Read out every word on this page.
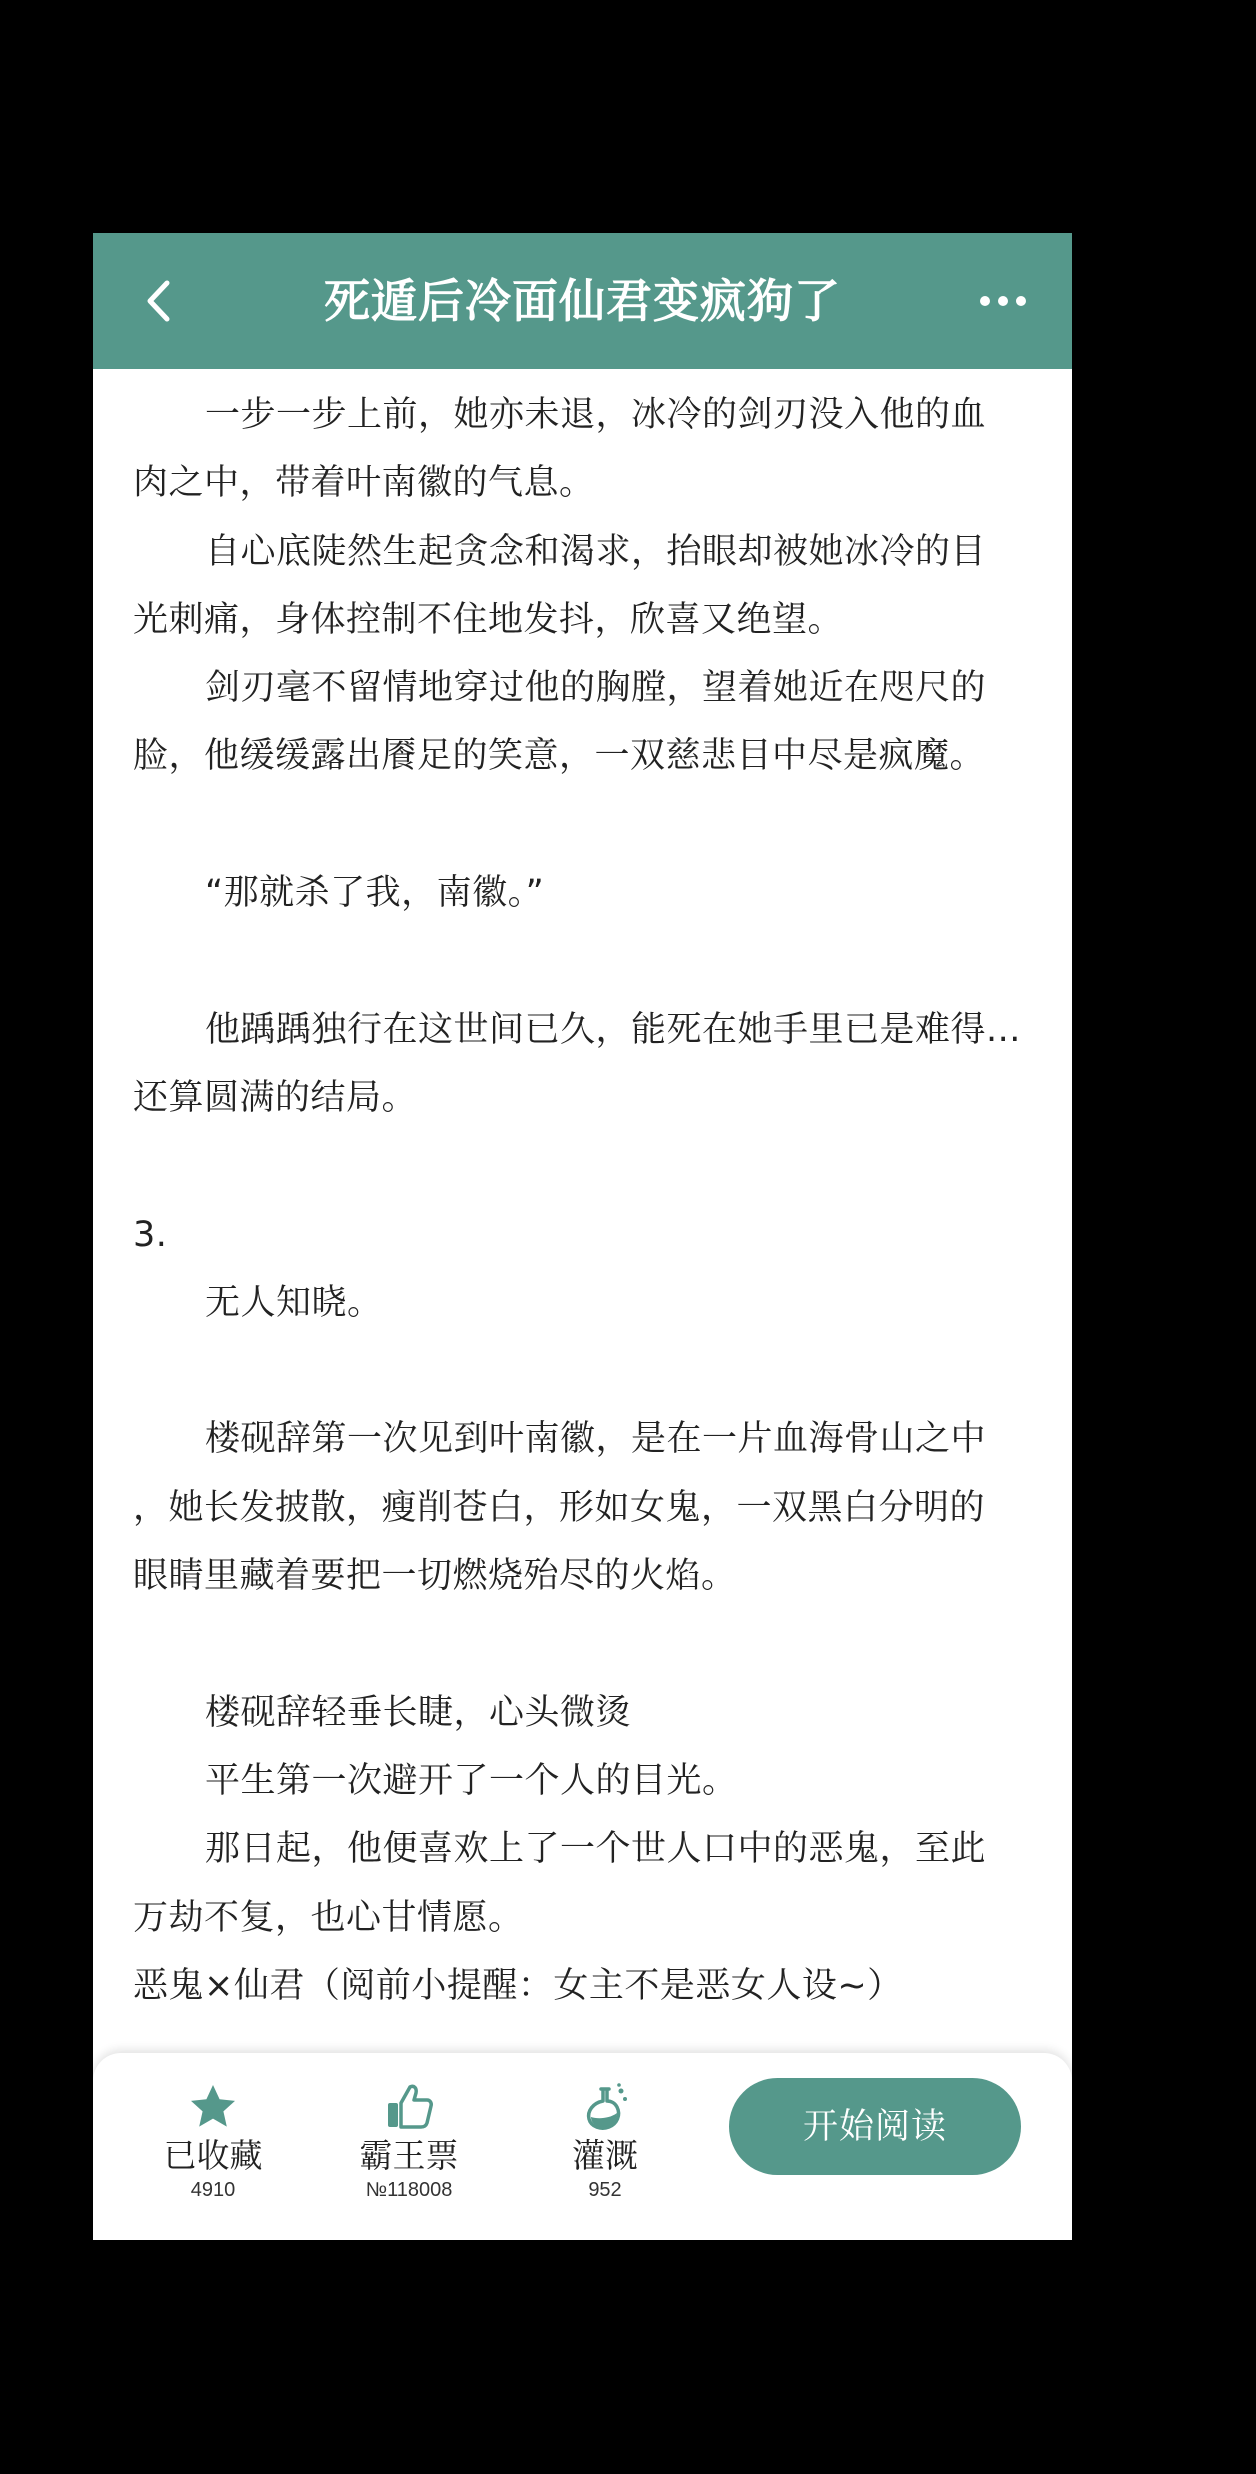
死遁后冷面仙君变疯狗了
一步一步上前，她亦未退，冰冷的剑刃没入他的血
肉之中，带着叶南徽的气息。
自心底陡然生起贪念和渴求，抬眼却被她冰冷的目
光刺痛，身体控制不住地发抖，欣喜又绝望。
剑刃毫不留情地穿过他的胸膛，望着她近在咫尺的
脸，他缓缓露出餍足的笑意，一双慈悲目中尽是疯魔。
“那就杀了我，南徽。”
他踽踽独行在这世间已久，能死在她手里已是难得...
还算圆满的结局。
3.
无人知晓。
楼砚辞第一次见到叶南徽，是在一片血海骨山之中
，她长发披散，瘦削苍白，形如女鬼，一双黑白分明的
眼睛里藏着要把一切燃烧殆尽的火焰。
楼砚辞轻垂长睫，心头微烫
平生第一次避开了一个人的目光。
那日起，他便喜欢上了一个世人口中的恶鬼，至此
万劫不复，也心甘情愿。
恶鬼×仙君（阅前小提醒：女主不是恶女人设~）
已收藏
4910
霸王票
№118008
灌溉
952
开始阅读
